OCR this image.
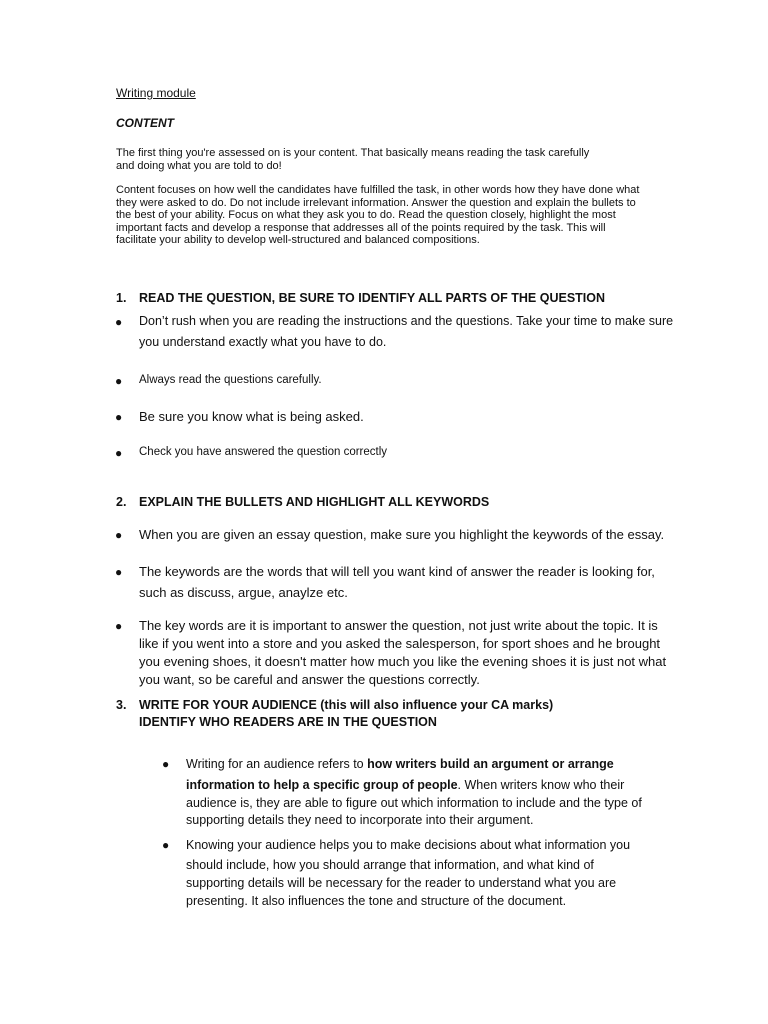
Writing module
CONTENT
The first thing you're assessed on is your content. That basically means reading the task carefully
and doing what you are told to do!
Content focuses on how well the candidates have fulfilled the task, in other words how they have done what
they were asked to do. Do not include irrelevant information. Answer the question and explain the bullets to
the best of your ability. Focus on what they ask you to do. Read the question closely, highlight the most
important facts and develop a response that addresses all of the points required by the task. This will
facilitate your ability to develop well-structured and balanced compositions.
1. READ THE QUESTION, BE SURE TO IDENTIFY ALL PARTS OF THE QUESTION
● Don’t rush when you are reading the instructions and the questions. Take your time to make sure
you understand exactly what you have to do.
● Always read the questions carefully.
● Be sure you know what is being asked.
● Check you have answered the question correctly
2. EXPLAIN THE BULLETS AND HIGHLIGHT ALL KEYWORDS
● When you are given an essay question, make sure you highlight the keywords of the essay.
● The keywords are the words that will tell you want kind of answer the reader is looking for,
such as discuss, argue, anaylze etc.
● The key words are it is important to answer the question, not just write about the topic. It is
like if you went into a store and you asked the salesperson, for sport shoes and he brought
you evening shoes, it doesn't matter how much you like the evening shoes it is just not what
you want, so be careful and answer the questions correctly.
3. WRITE FOR YOUR AUDIENCE (this will also influence your CA marks)
IDENTIFY WHO READERS ARE IN THE QUESTION
● Writing for an audience refers to how writers build an argument or arrange
information to help a specific group of people. When writers know who their
audience is, they are able to figure out which information to include and the type of
supporting details they need to incorporate into their argument.
● Knowing your audience helps you to make decisions about what information you
should include, how you should arrange that information, and what kind of
supporting details will be necessary for the reader to understand what you are
presenting. It also influences the tone and structure of the document.
